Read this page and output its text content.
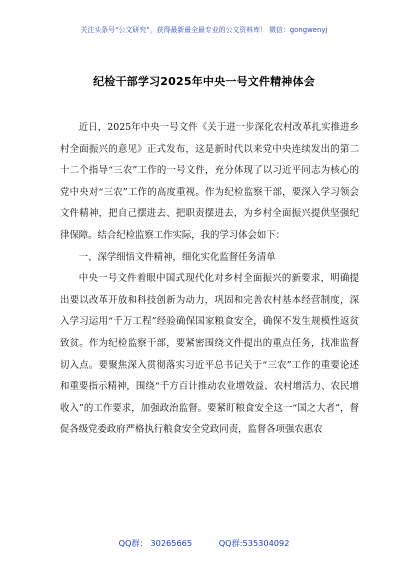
关注头条号“公文研究”，获得最新最全最专业的公文资料库！ 微信：gongwenyj
纪检干部学习2025年中央一号文件精神体会

近日，2025年中央一号文件《关于进一步深化农村改革扎实推进乡村全面振兴的意见》正式发布，这是新时代以来党中央连续发出的第二十二个指导“三农”工作的一号文件，充分体现了以习近平同志为核心的党中央对“三农”工作的高度重视。作为纪检监察干部，要深入学习领会文件精神，把自己摆进去、把职责摆进去，为乡村全面振兴提供坚强纪律保障。结合纪检监察工作实际，我的学习体会如下：

一、深学细悟文件精神，细化实化监督任务清单

中央一号文件着眼中国式现代化对乡村全面振兴的新要求，明确提出要以改革开放和科技创新为动力，巩固和完善农村基本经营制度，深入学习运用“千万工程”经验确保国家粮食安全，确保不发生规模性返贫致贫。作为纪检监察干部，要紧密围绕文件提出的重点任务，找准监督切入点。要聚焦深入贯彻落实习近平总书记关于“三农”工作的重要论述和重要指示精神，围绕“千方百计推动农业增效益、农村增活力、农民增收入”的工作要求，加强政治监督。要紧盯粮食安全这一“国之大者”，督促各级党委政府严格执行粮食安全党政同责，监督各项强农惠农

QQ群： 30265665	QQ群:535304092
